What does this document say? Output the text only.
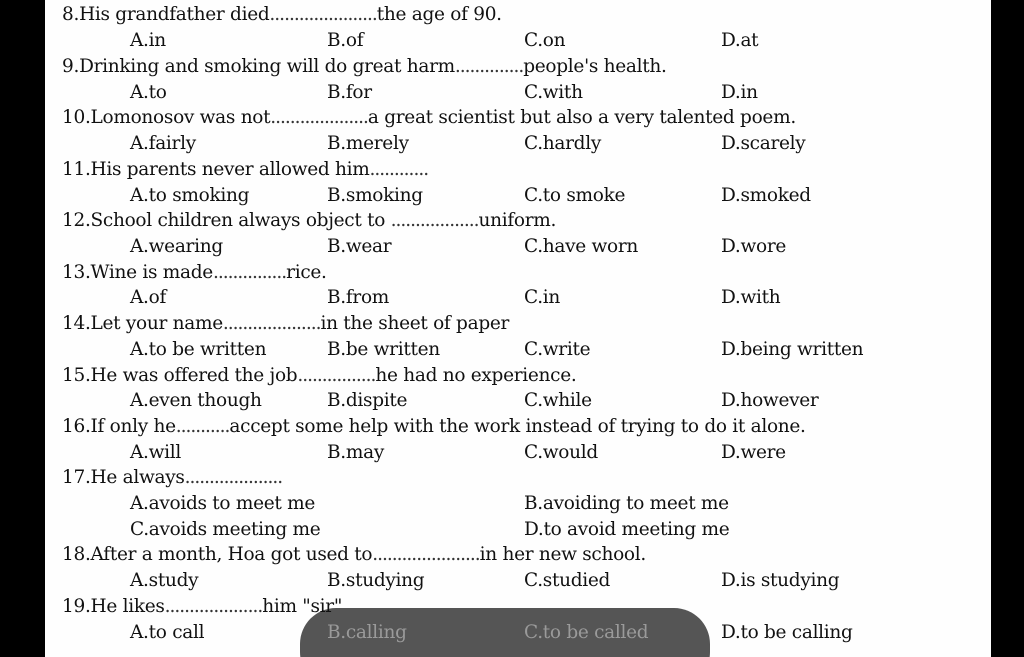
8.His grandfather died......................the age of 90.
A.in	B.of	C.on	D.at
9.Drinking and smoking will do great harm..............people's health.
A.to	B.for	C.with	D.in
10.Lomonosov was not....................a great scientist but also a very talented poem.
A.fairly	B.merely	C.hardly	D.scarely
11.His parents never allowed him............
A.to smoking	B.smoking	C.to smoke	D.smoked
12.School children always object to ..................uniform.
A.wearing	B.wear	C.have worn	D.wore
13.Wine is made...............rice.
A.of	B.from	C.in	D.with
14.Let your name....................in the sheet of paper
A.to be written	B.be written	C.write	D.being written
15.He was offered the job................he had no experience.
A.even though	B.dispite	C.while	D.however
16.If only he...........accept some help with the work instead of trying to do it alone.
A.will	B.may	C.would	D.were
17.He always....................
A.avoids to meet me	B.avoiding to meet me
C.avoids meeting me	D.to avoid meeting me
18.After a month, Hoa got used to......................in her new school.
A.study	B.studying	C.studied	D.is studying
19.He likes....................him "sir"
A.to call	B.calling	C.to be called	D.to be calling
